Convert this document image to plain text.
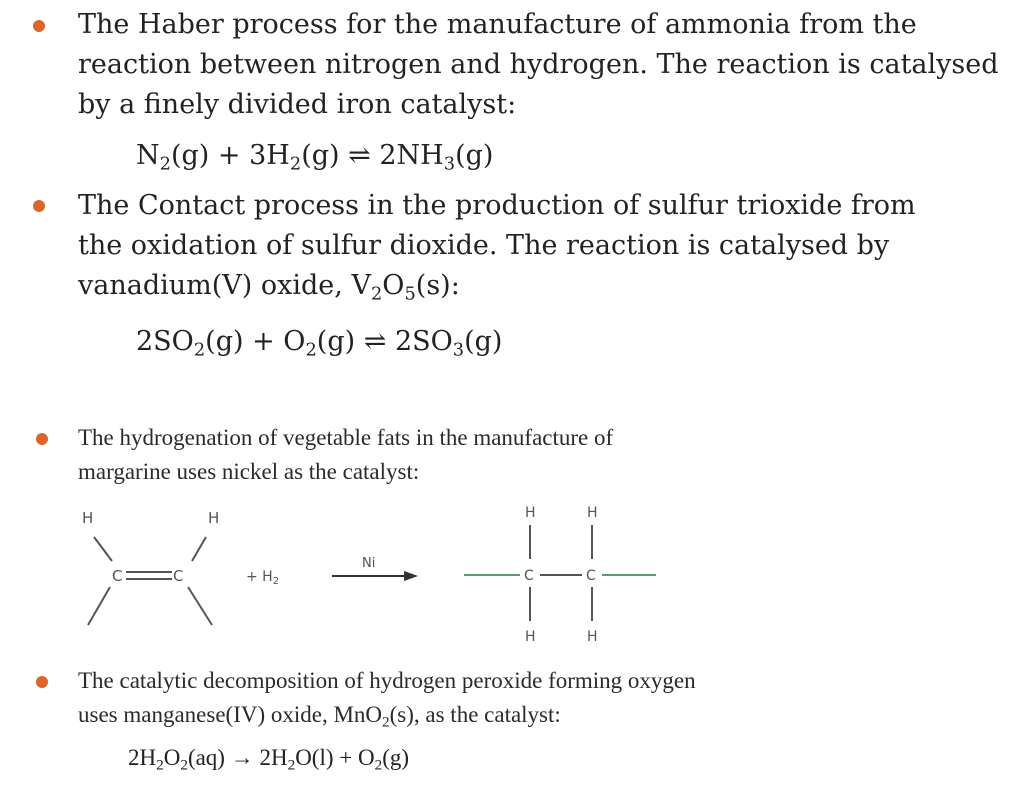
The Haber process for the manufacture of ammonia from the
reaction between nitrogen and hydrogen. The reaction is catalysed
by a finely divided iron catalyst:

$N_2(g) + 3H_2(g)$ ⇌ $2NH_3(g)$

The Contact process in the production of sulfur trioxide from
the oxidation of sulfur dioxide. The reaction is catalysed by
vanadium(V) oxide, $V_2O_5(s)$:

$2SO_2(g) + O_2(g)$ ⇌ $2SO_3(g)$

The hydrogenation of vegetable fats in the manufacture of
margarine uses nickel as the catalyst:

H	H
C	C	+ $H_2$
Ni
H	H
C	C
H	H

The catalytic decomposition of hydrogen peroxide forming oxygen
uses manganese(IV) oxide, MnO$_2$(s), as the catalyst:

$2H_2O_2(aq) \to 2H_2O(l) + O_2(g)$
